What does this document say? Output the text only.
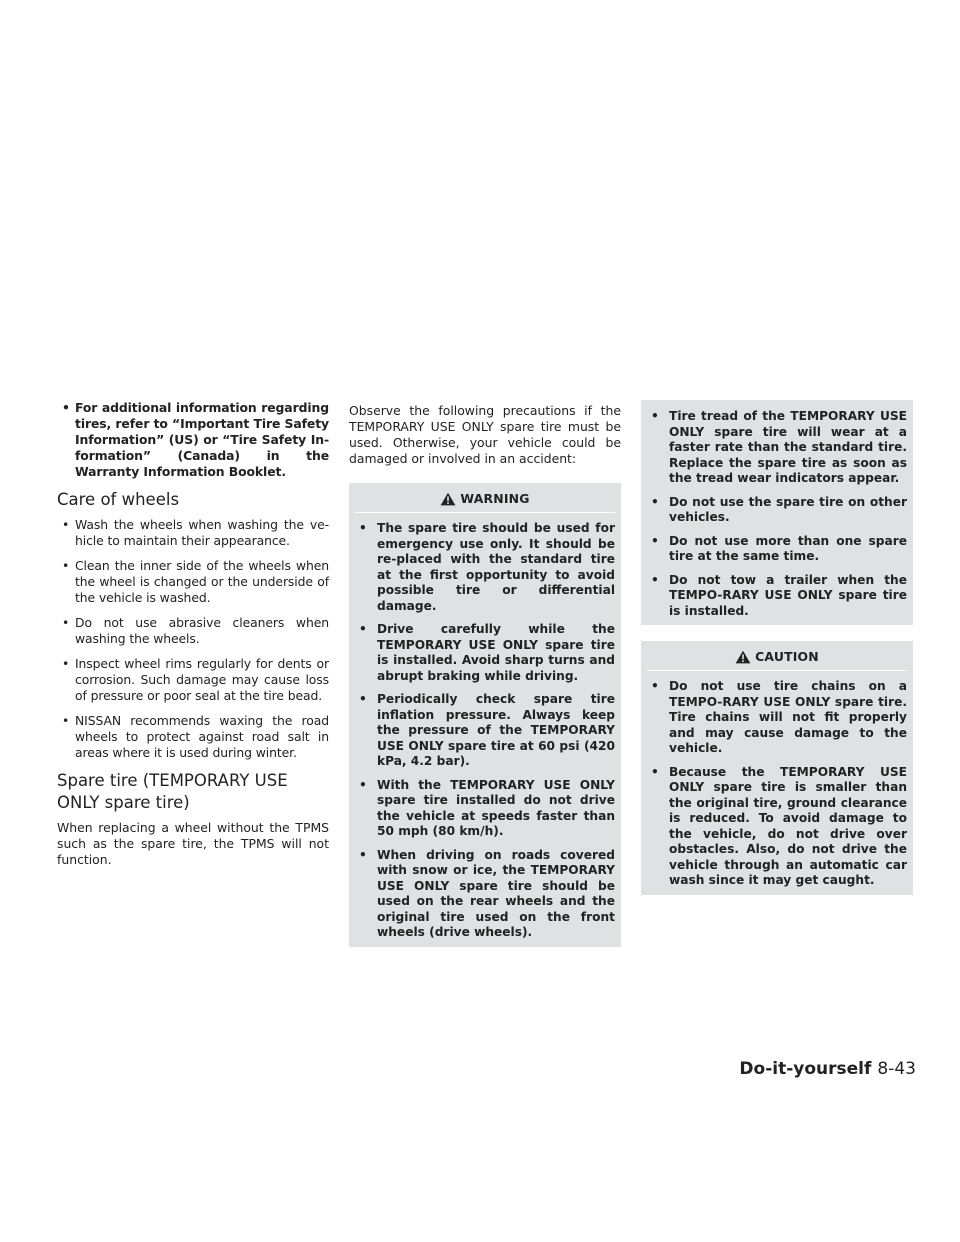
• For additional information regarding tires, refer to “Important Tire Safety Information” (US) or “Tire Safety In-formation” (Canada) in the Warranty Information Booklet.
Care of wheels
• Wash the wheels when washing the ve-hicle to maintain their appearance.
• Clean the inner side of the wheels when the wheel is changed or the underside of the vehicle is washed.
• Do not use abrasive cleaners when washing the wheels.
• Inspect wheel rims regularly for dents or corrosion. Such damage may cause loss of pressure or poor seal at the tire bead.
• NISSAN recommends waxing the road wheels to protect against road salt in areas where it is used during winter.
Spare tire (TEMPORARY USE ONLY spare tire)

When replacing a wheel without the TPMS such as the spare tire, the TPMS will not function.

Observe the following precautions if the TEMPORARY USE ONLY spare tire must be used. Otherwise, your vehicle could be damaged or involved in an accident:

WARNING
• The spare tire should be used for emergency use only. It should be re-placed with the standard tire at the first opportunity to avoid possible tire or differential damage.
• Drive carefully while the TEMPORARY USE ONLY spare tire is installed. Avoid sharp turns and abrupt braking while driving.
• Periodically check spare tire inflation pressure. Always keep the pressure of the TEMPORARY USE ONLY spare tire at 60 psi (420 kPa, 4.2 bar).
• With the TEMPORARY USE ONLY spare tire installed do not drive the vehicle at speeds faster than 50 mph (80 km/h).
• When driving on roads covered with snow or ice, the TEMPORARY USE ONLY spare tire should be used on the rear wheels and the original tire used on the front wheels (drive wheels).
• Tire tread of the TEMPORARY USE ONLY spare tire will wear at a faster rate than the standard tire. Replace the spare tire as soon as the tread wear indicators appear.
• Do not use the spare tire on other vehicles.
• Do not use more than one spare tire at the same time.
• Do not tow a trailer when the TEMPO-RARY USE ONLY spare tire is installed.
CAUTION
• Do not use tire chains on a TEMPO-RARY USE ONLY spare tire. Tire chains will not fit properly and may cause damage to the vehicle.
• Because the TEMPORARY USE ONLY spare tire is smaller than the original tire, ground clearance is reduced. To avoid damage to the vehicle, do not drive over obstacles. Also, do not drive the vehicle through an automatic car wash since it may get caught.
Do-it-yourself 8-43
